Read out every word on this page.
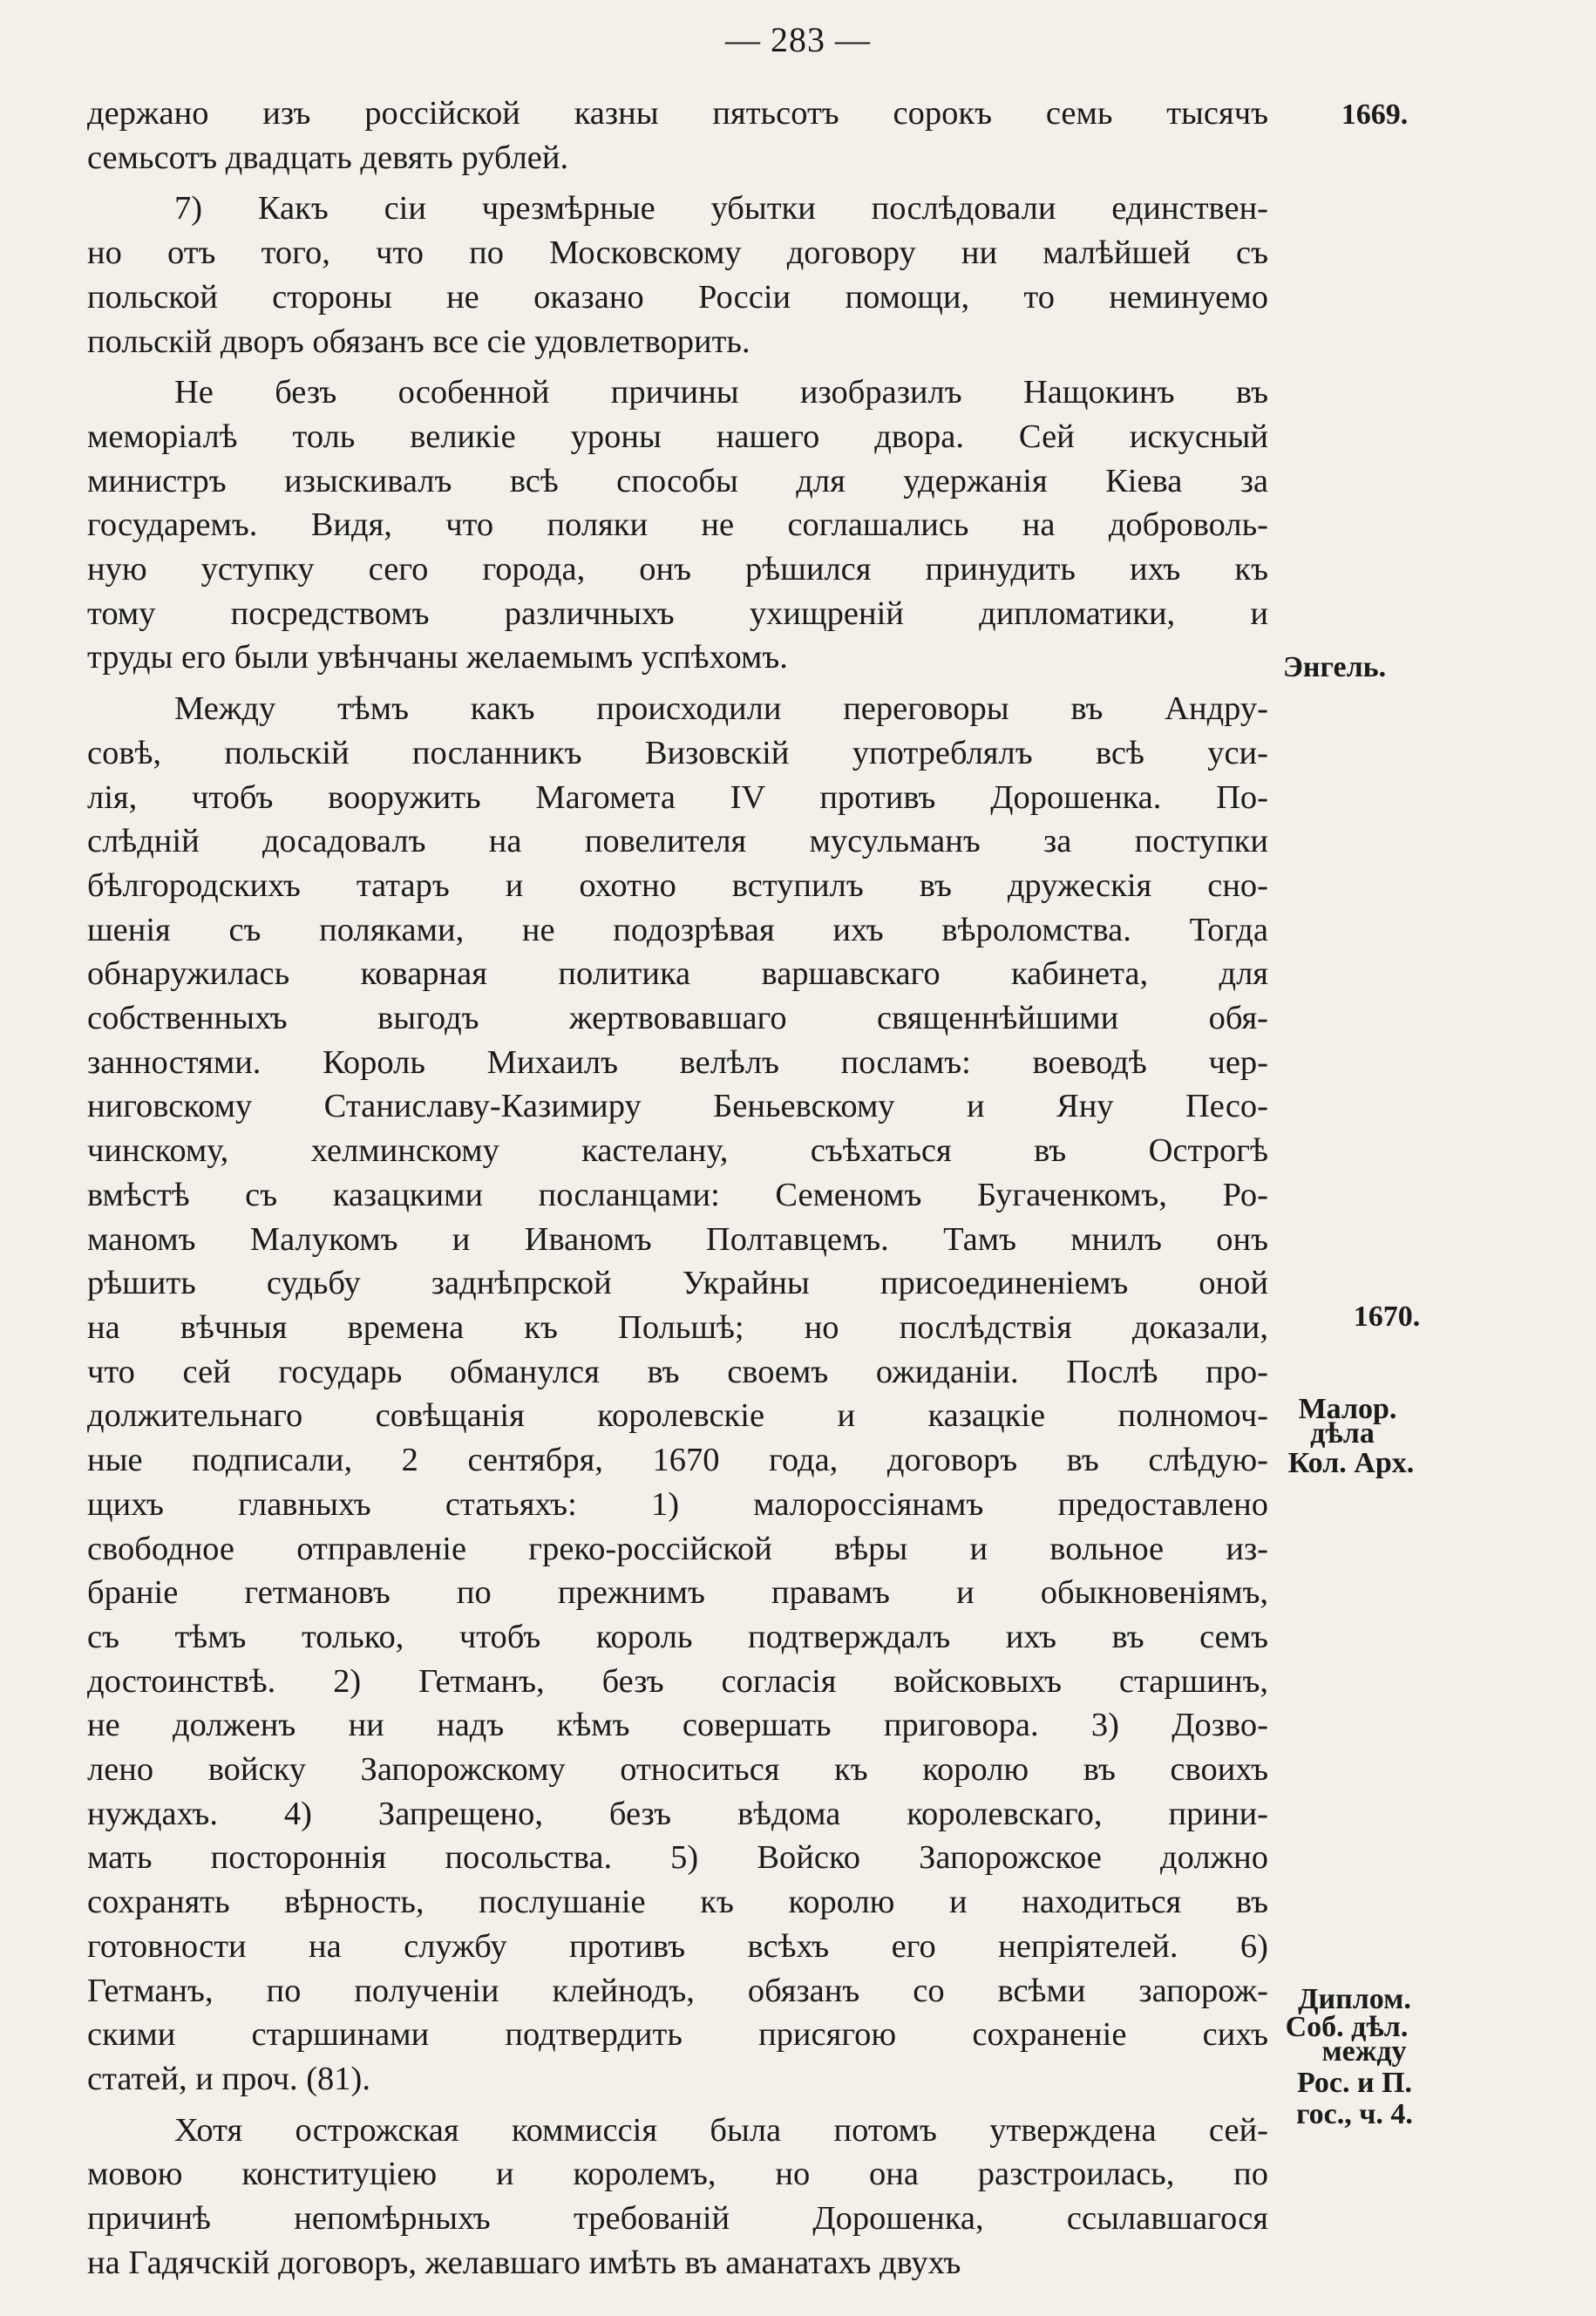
— 283 —
держано изъ россійской казны пятьсотъ сорокъ семь тысячъ
семьсотъ двадцать девять рублей.
7) Какъ сіи чрезмѣрные убытки послѣдовали единствен-
но отъ того, что по Московскому договору ни малѣйшей съ
польской стороны не оказано Россіи помощи, то неминуемо
польскій дворъ обязанъ все сіе удовлетворить.
Не безъ особенной причины изобразилъ Нащокинъ въ
меморіалѣ толь великіе уроны нашего двора. Сей искусный
министръ изыскивалъ всѣ способы для удержанія Кіева за
государемъ. Видя, что поляки не соглашались на доброволь-
ную уступку сего города, онъ рѣшился принудить ихъ къ
тому посредствомъ различныхъ ухищреній дипломатики, и
труды его были увѣнчаны желаемымъ успѣхомъ.
Между тѣмъ какъ происходили переговоры въ Андру-
совѣ, польскій посланникъ Визовскій употреблялъ всѣ уси-
лія, чтобъ вооружить Магомета IV противъ Дорошенка. По-
слѣдній досадовалъ на повелителя мусульманъ за поступки
бѣлгородскихъ татаръ и охотно вступилъ въ дружескія сно-
шенія съ поляками, не подозрѣвая ихъ вѣроломства. Тогда
обнаружилась коварная политика варшавскаго кабинета, для
собственныхъ выгодъ жертвовавшаго священнѣйшими обя-
занностями. Король Михаилъ велѣлъ посламъ: воеводѣ чер-
ниговскому Станиславу-Казимиру Беньевскому и Яну Песо-
чинскому, хелминскому кастелану, съѣхаться въ Острогѣ
вмѣстѣ съ казацкими посланцами: Семеномъ Бугаченкомъ, Ро-
маномъ Малукомъ и Иваномъ Полтавцемъ. Тамъ мнилъ онъ
рѣшить судьбу заднѣпрской Украйны присоединеніемъ оной
на вѣчныя времена къ Польшѣ; но послѣдствія доказали,
что сей государь обманулся въ своемъ ожиданіи. Послѣ про-
должительнаго совѣщанія королевскіе и казацкіе полномоч-
ные подписали, 2 сентября, 1670 года, договоръ въ слѣдую-
щихъ главныхъ статьяхъ: 1) малороссіянамъ предоставлено
свободное отправленіе греко-россійской вѣры и вольное из-
браніе гетмановъ по прежнимъ правамъ и обыкновеніямъ,
съ тѣмъ только, чтобъ король подтверждалъ ихъ въ семъ
достоинствѣ. 2) Гетманъ, безъ согласія войсковыхъ старшинъ,
не долженъ ни надъ кѣмъ совершать приговора. 3) Дозво-
лено войску Запорожскому относиться къ королю въ своихъ
нуждахъ. 4) Запрещено, безъ вѣдома королевскаго, прини-
мать постороннія посольства. 5) Войско Запорожское должно
сохранять вѣрность, послушаніе къ королю и находиться въ
готовности на службу противъ всѣхъ его непріятелей. 6)
Гетманъ, по полученіи клейнодъ, обязанъ со всѣми запорож-
скими старшинами подтвердить присягою сохраненіе сихъ
статей, и проч. (81).
Хотя острожская коммиссія была потомъ утверждена сей-
мовою конституціею и королемъ, но она разстроилась, по
причинѣ непомѣрныхъ требованій Дорошенка, ссылавшагося
на Гадячскій договоръ, желавшаго имѣть въ аманатахъ двухъ
1669.
Энгель.
1670.
Малор.
дѣла
Кол. Арх.
Диплом.
Соб. дѣл.
между
Рос. и П.
гос., ч. 4.
